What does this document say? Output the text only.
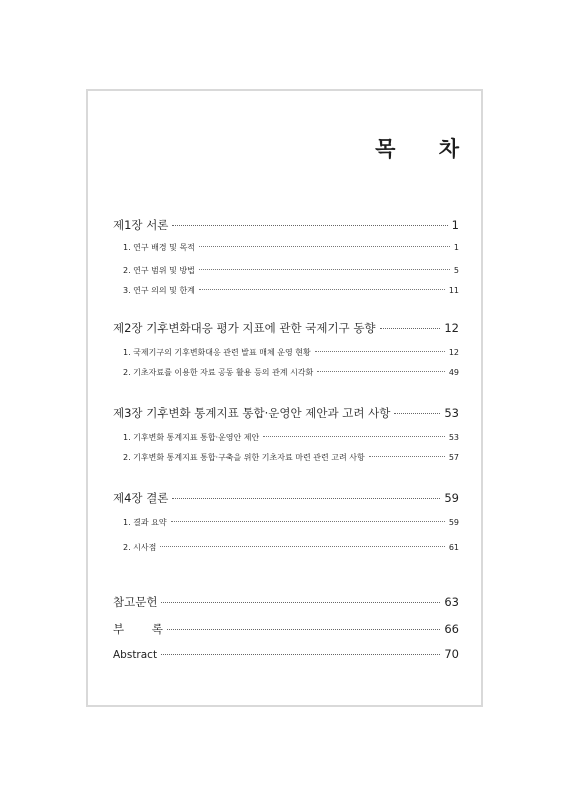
목 차
제1장 서론	1
1. 연구 배경 및 목적	1
2. 연구 범위 및 방법	5
3. 연구 의의 및 한계	11
제2장 기후변화대응 평가 지표에 관한 국제기구 동향	12
1. 국제기구의 기후변화대응 관련 발표 매체 운영 현황	12
2. 기초자료를 이용한 자료 공동 활용 등의 관계 시각화	49
제3장 기후변화 통계지표 통합·운영안 제안과 고려 사항	53
1. 기후변화 통계지표 통합·운영안 제안	53
2. 기후변화 통계지표 통합·구축을 위한 기초자료 마련 관련 고려 사항	57
제4장 결론	59
1. 결과 요약	59
2. 시사점	61
참고문헌	63
부 록	66
Abstract	70
